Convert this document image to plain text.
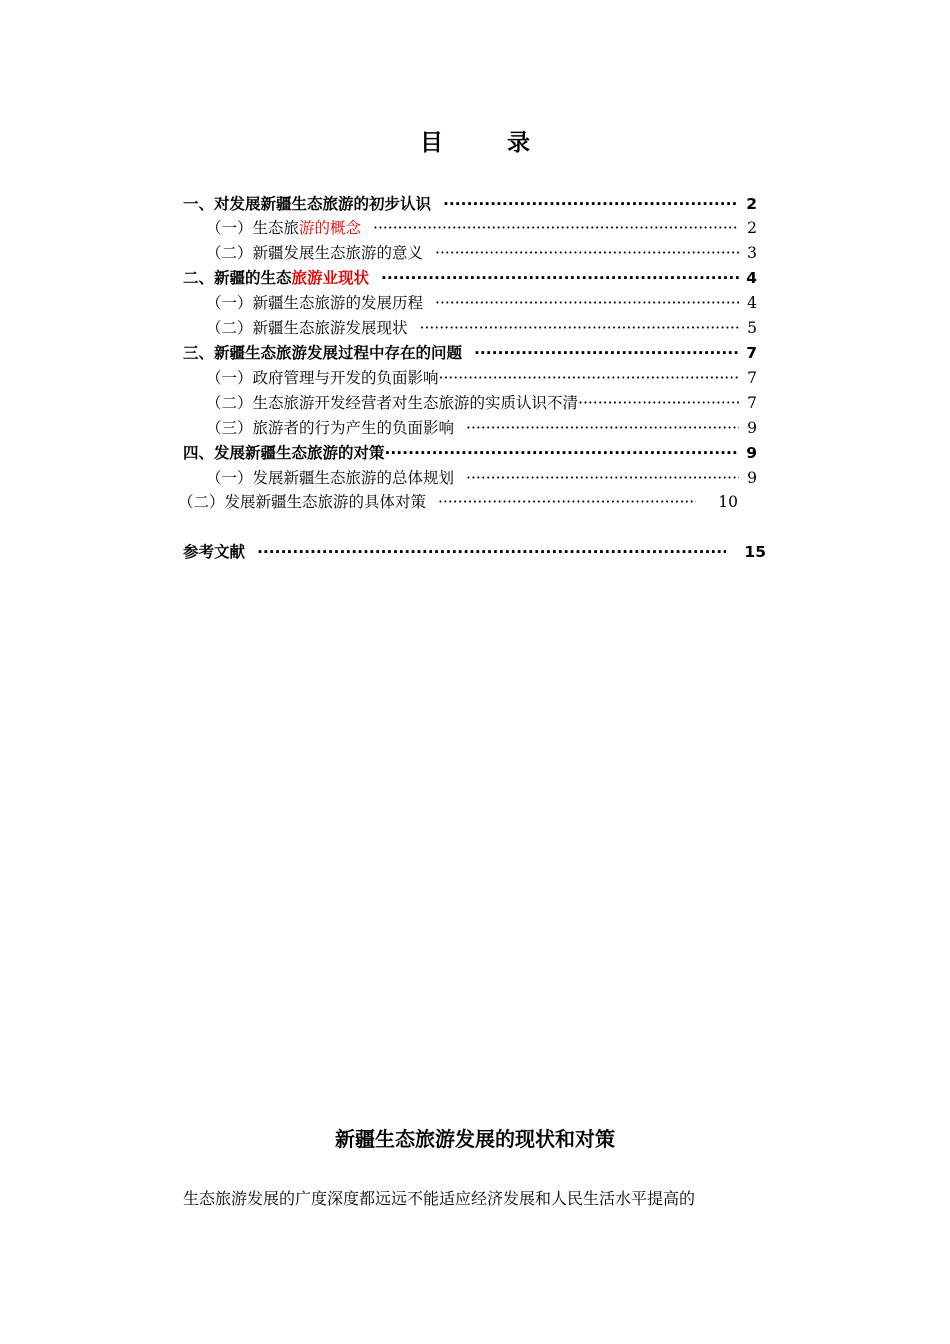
目 录
一、对发展新疆生态旅游的初步认识 ·····	2
（一）生态旅游的概念 ·····	2
（二）新疆发展生态旅游的意义 ·····	3
二、新疆的生态旅游业现状 ·····	4
（一）新疆生态旅游的发展历程 ·····	4
（二）新疆生态旅游发展现状 ·····	5
三、新疆生态旅游发展过程中存在的问题 ·····	7
（一）政府管理与开发的负面影响 ·····	7
（二）生态旅游开发经营者对生态旅游的实质认识不清 ·····	7
（三）旅游者的行为产生的负面影响 ·····	9
四、发展新疆生态旅游的对策 ·····	9
（一）发展新疆生态旅游的总体规划 ·····	9
（二）发展新疆生态旅游的具体对策 ·····	10
参考文献 ·····	15
新疆生态旅游发展的现状和对策
生态旅游发展的广度深度都远远不能适应经济发展和人民生活水平提高的
